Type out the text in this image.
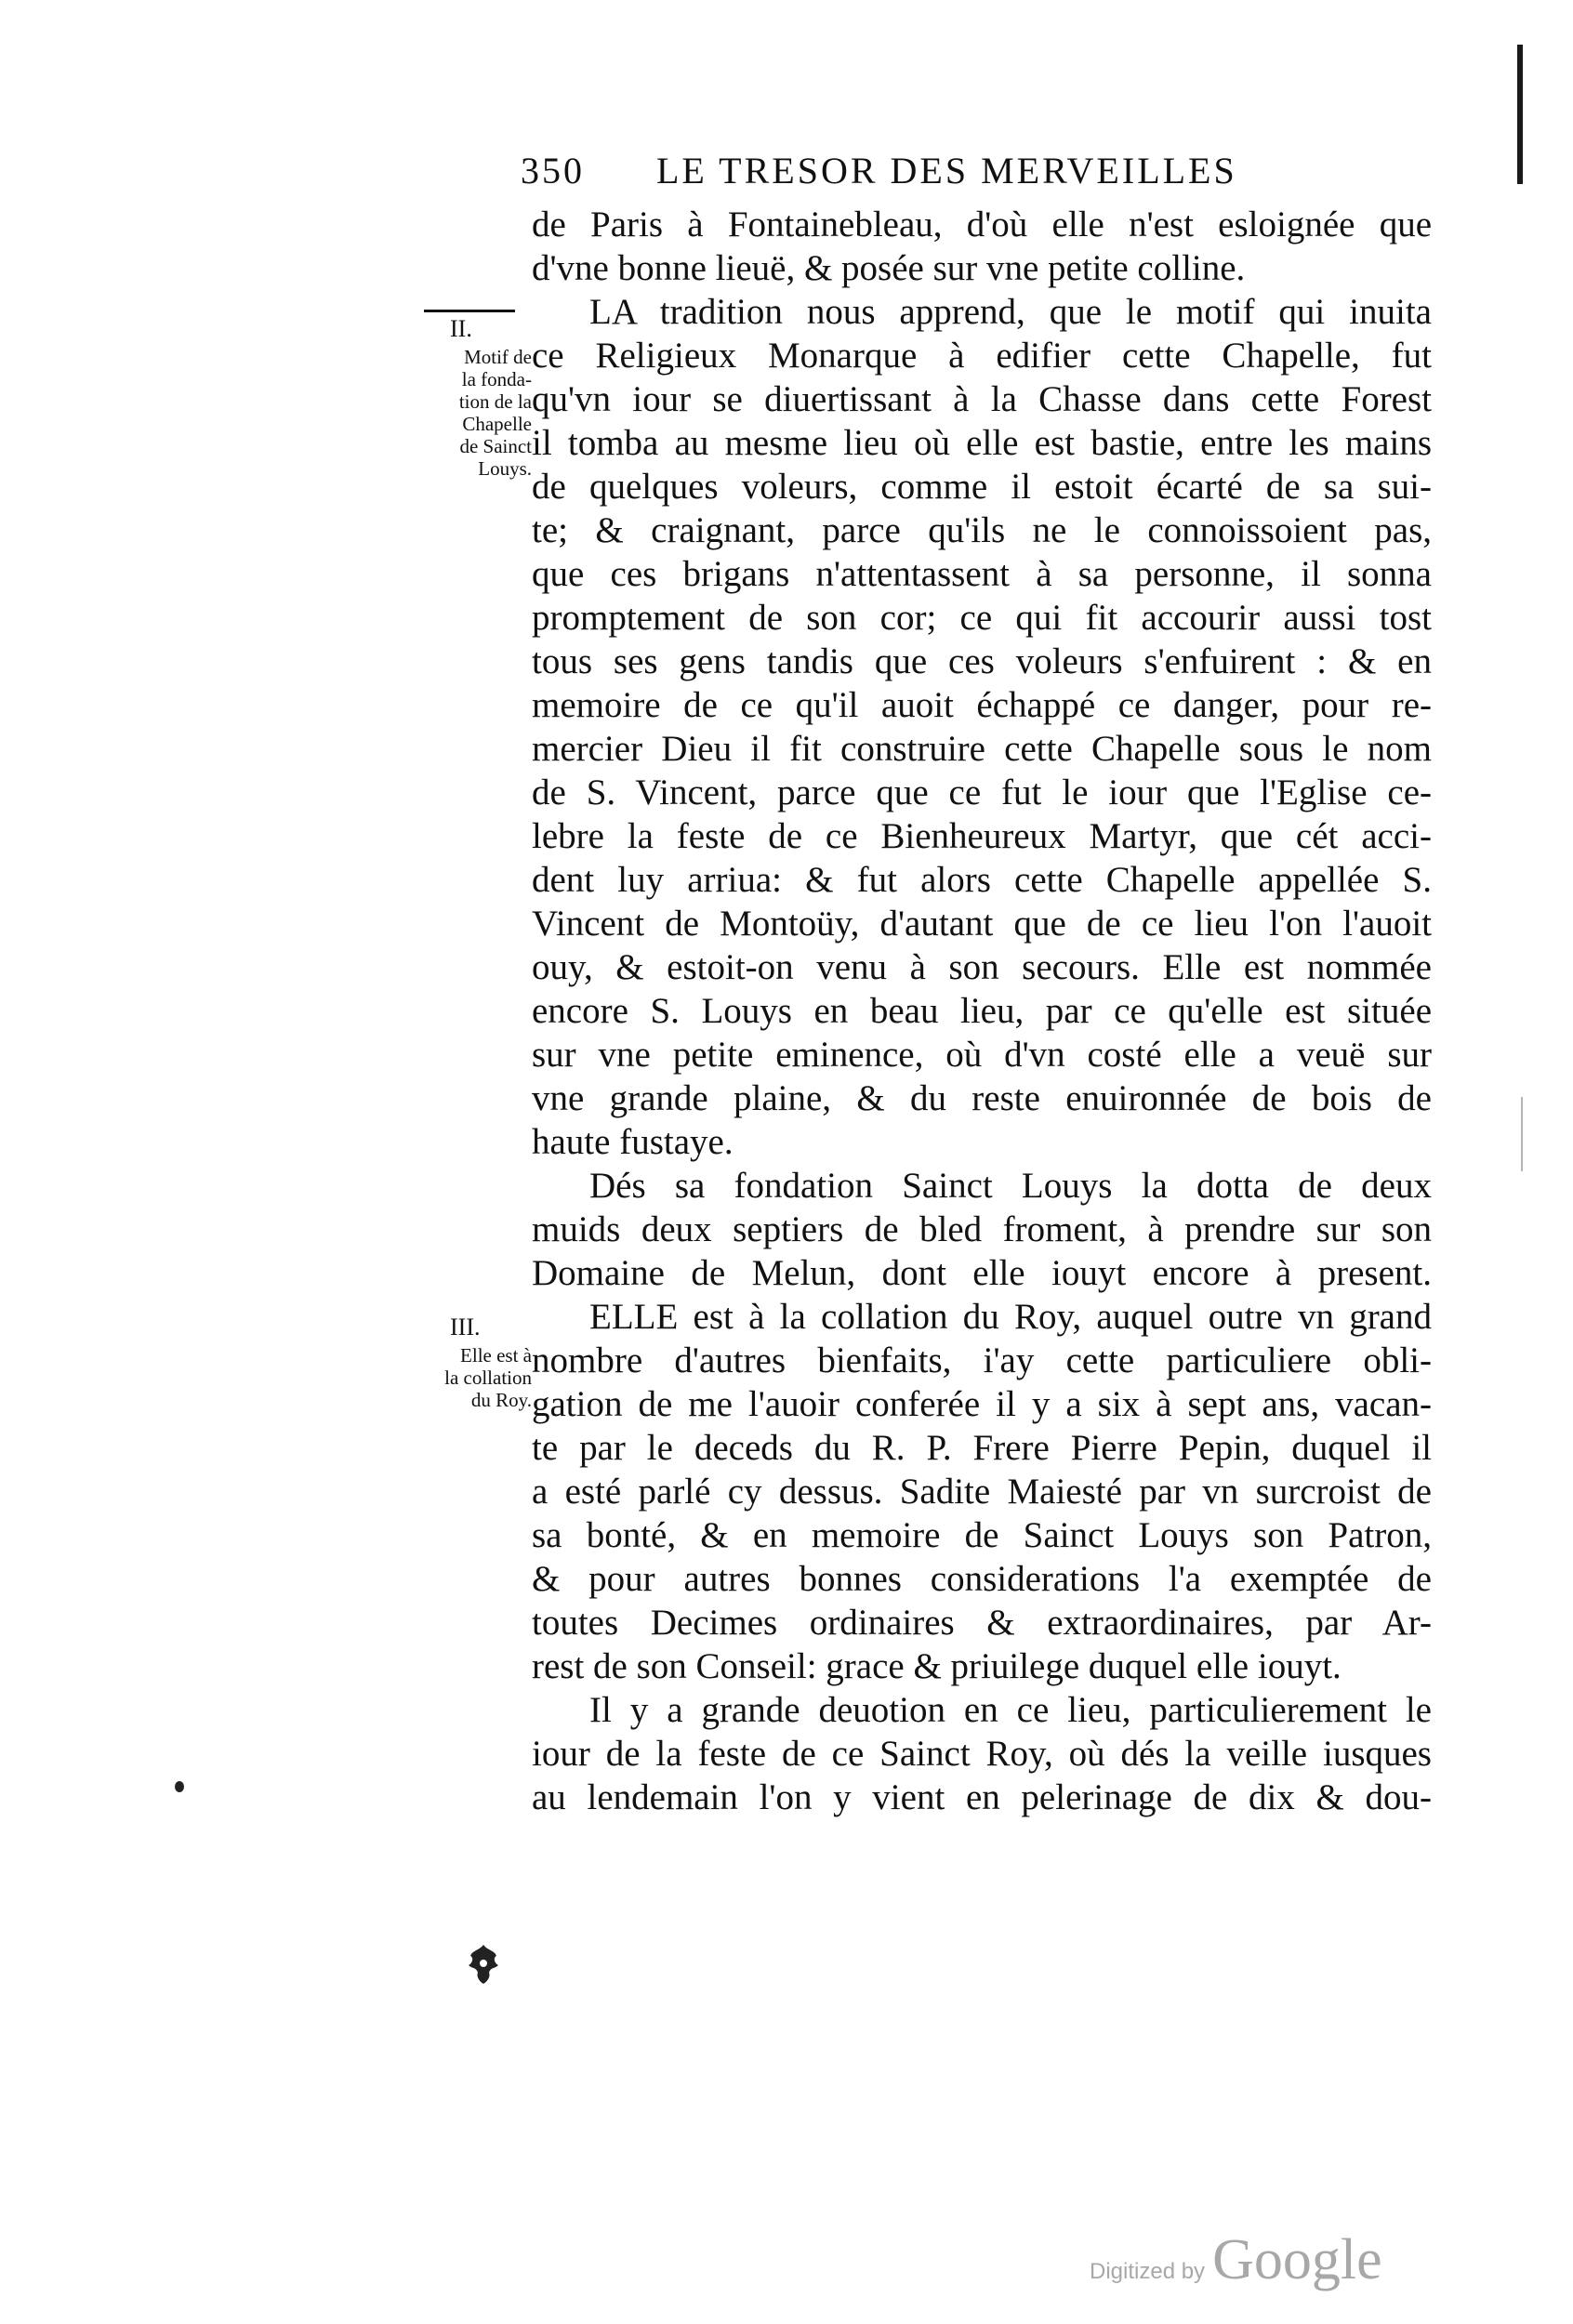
350 LE TRESOR DES MERVEILLES
II.
Motif de
la fonda-
tion de la
Chapelle
de Sainct
Louys.
III.
Elle est à
la collation
du Roy.
de Paris à Fontainebleau, d'où elle n'est esloignée que
d'vne bonne lieuë, & posée sur vne petite colline.
LA tradition nous apprend, que le motif qui inuita
ce Religieux Monarque à edifier cette Chapelle, fut
qu'vn iour se diuertissant à la Chasse dans cette Forest
il tomba au mesme lieu où elle est bastie, entre les mains
de quelques voleurs, comme il estoit écarté de sa sui-
te; & craignant, parce qu'ils ne le connoissoient pas,
que ces brigans n'attentassent à sa personne, il sonna
promptement de son cor; ce qui fit accourir aussi tost
tous ses gens tandis que ces voleurs s'enfuirent : & en
memoire de ce qu'il auoit échappé ce danger, pour re-
mercier Dieu il fit construire cette Chapelle sous le nom
de S. Vincent, parce que ce fut le iour que l'Eglise ce-
lebre la feste de ce Bienheureux Martyr, que cét acci-
dent luy arriua: & fut alors cette Chapelle appellée S.
Vincent de Montoüy, d'autant que de ce lieu l'on l'auoit
ouy, & estoit-on venu à son secours. Elle est nommée
encore S. Louys en beau lieu, par ce qu'elle est située
sur vne petite eminence, où d'vn costé elle a veuë sur
vne grande plaine, & du reste enuironnée de bois de
haute fustaye.
Dés sa fondation Sainct Louys la dotta de deux
muids deux septiers de bled froment, à prendre sur son
Domaine de Melun, dont elle iouyt encore à present.
ELLE est à la collation du Roy, auquel outre vn grand
nombre d'autres bienfaits, i'ay cette particuliere obli-
gation de me l'auoir conferée il y a six à sept ans, vacan-
te par le deceds du R. P. Frere Pierre Pepin, duquel il
a esté parlé cy dessus. Sadite Maiesté par vn surcroist de
sa bonté, & en memoire de Sainct Louys son Patron,
& pour autres bonnes considerations l'a exemptée de
toutes Decimes ordinaires & extraordinaires, par Ar-
rest de son Conseil: grace & priuilege duquel elle iouyt.
Il y a grande deuotion en ce lieu, particulierement le
iour de la feste de ce Sainct Roy, où dés la veille iusques
au lendemain l'on y vient en pelerinage de dix & dou-
Digitized by Google
